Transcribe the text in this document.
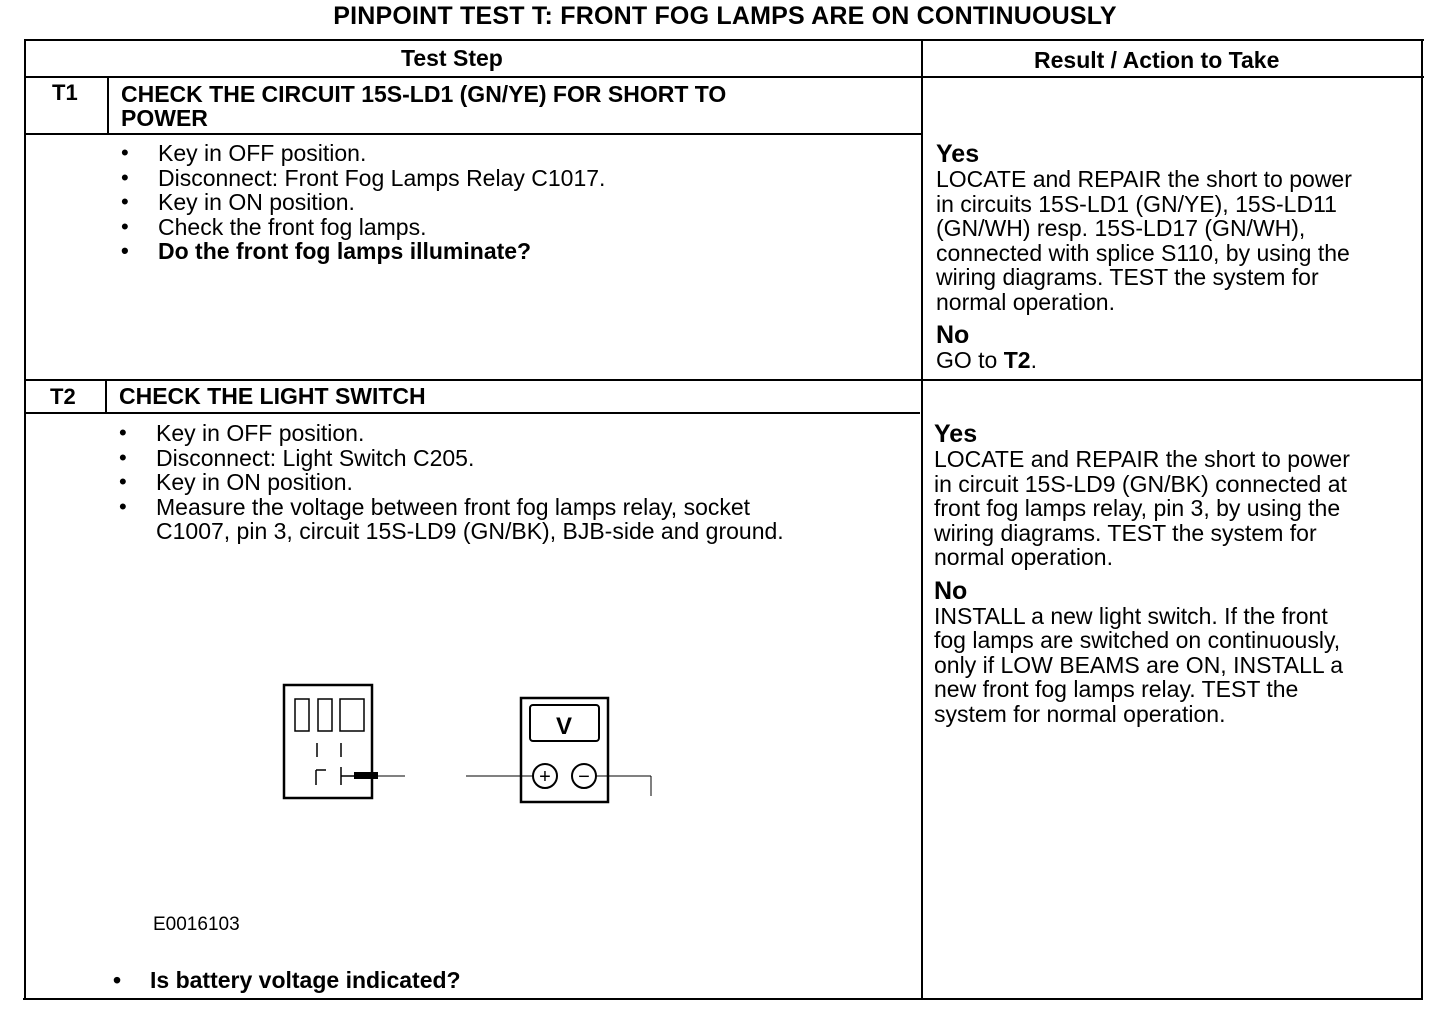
PINPOINT TEST T: FRONT FOG LAMPS ARE ON CONTINUOUSLY
Test Step	Result / Action to Take
T1 CHECK THE CIRCUIT 15S-LD1 (GN/YE) FOR SHORT TO
POWER
• Key in OFF position.
• Disconnect: Front Fog Lamps Relay C1017.
• Key in ON position.
• Check the front fog lamps.
• Do the front fog lamps illuminate?
Yes
LOCATE and REPAIR the short to power
in circuits 15S-LD1 (GN/YE), 15S-LD11
(GN/WH) resp. 15S-LD17 (GN/WH),
connected with splice S110, by using the
wiring diagrams. TEST the system for
normal operation.
No
GO to T2.
T2 CHECK THE LIGHT SWITCH
• Key in OFF position.
• Disconnect: Light Switch C205.
• Key in ON position.
• Measure the voltage between front fog lamps relay, socket
C1007, pin 3, circuit 15S-LD9 (GN/BK), BJB-side and ground.
V
+ −
E0016103
• Is battery voltage indicated?
Yes
LOCATE and REPAIR the short to power
in circuit 15S-LD9 (GN/BK) connected at
front fog lamps relay, pin 3, by using the
wiring diagrams. TEST the system for
normal operation.
No
INSTALL a new light switch. If the front
fog lamps are switched on continuously,
only if LOW BEAMS are ON, INSTALL a
new front fog lamps relay. TEST the
system for normal operation.
